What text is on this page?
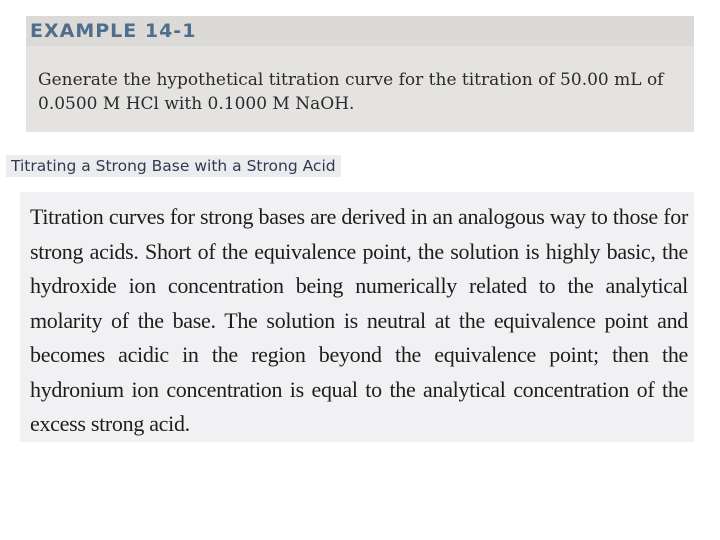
EXAMPLE 14-1
Generate the hypothetical titration curve for the titration of 50.00 mL of 0.0500 M HCl with 0.1000 M NaOH.
Titrating a Strong Base with a Strong Acid
Titration curves for strong bases are derived in an analogous way to those for strong acids. Short of the equivalence point, the solution is highly basic, the hydroxide ion concentration being numerically related to the analytical molarity of the base. The solution is neutral at the equivalence point and becomes acidic in the region beyond the equivalence point; then the hydronium ion concentration is equal to the analytical concentration of the excess strong acid.
